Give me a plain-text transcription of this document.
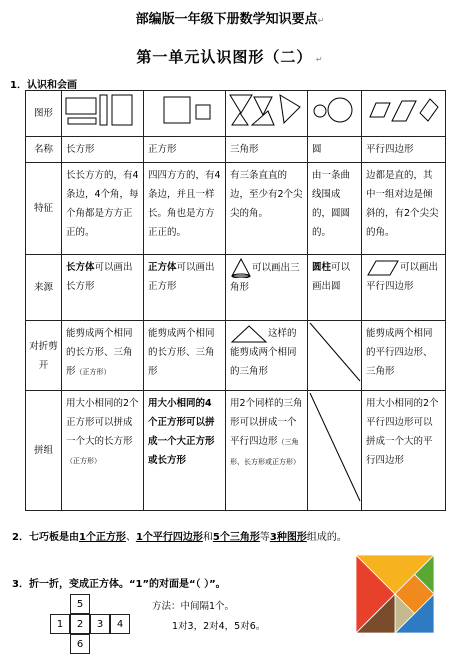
部编版一年级下册数学知识要点↵
第一单元认识图形（二） ↵
1．认识和会画
图形					
名称	长方形	正方形	三角形	圆	平行四边形
特征	长长方方的，有4条边，4个角，每个角都是方方正正的。	四四方方的，有4条边，并且一样长。角也是方方正正的。	有三条直直的边，至少有2个尖尖的角。	由一条曲线围成的，圆圆的。	边都是直的，其中一组对边是倾斜的，有2个尖尖的角。
来源	长方体可以画出长方形	正方体可以画出正方形	可以画出三角形	圆柱可以画出圆	可以画出平行四边形
对折剪开	能剪成两个相同的长方形、三角形（正方形）	能剪成两个相同的长方形、三角形	这样的能剪成两个相同的三角形		能剪成两个相同的平行四边形、三角形
拼组	用大小相同的2个正方形可以拼成一个大的长方形（正方形）	用大小相同的4个正方形可以拼成一个大正方形或长方形	用2个同样的三角形可以拼成一个平行四边形（三角形、长方形或正方形）		用大小相同的2个平行四边形可以拼成一个大的平行四边形
2．七巧板是由1个正方形、1个平行四边形和5个三角形等3种图形组成的。
3．折一折，变成正方体。“1”的对面是“（ ）”。
5
1	2	3	4
6
方法：中间隔1个。
1对3，2对4，5对6。
